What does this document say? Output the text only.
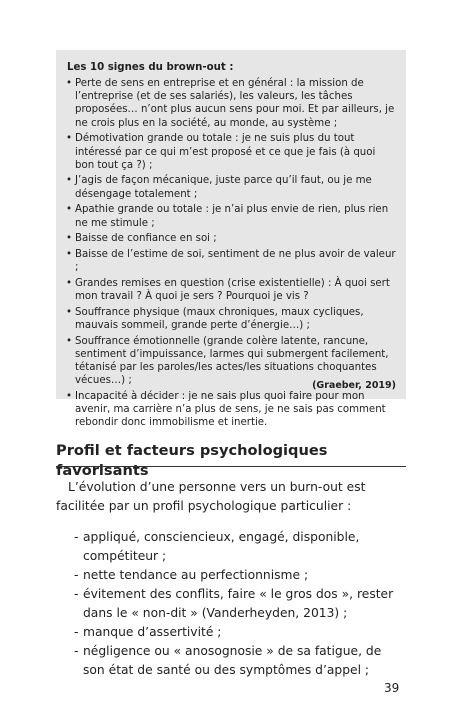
Les 10 signes du brown-out :
• Perte de sens en entreprise et en général : la mission de l’entreprise (et de ses salariés), les valeurs, les tâches proposées… n’ont plus aucun sens pour moi. Et par ailleurs, je ne crois plus en la société, au monde, au système ;
• Démotivation grande ou totale : je ne suis plus du tout intéressé par ce qui m’est proposé et ce que je fais (à quoi bon tout ça ?) ;
• J’agis de façon mécanique, juste parce qu’il faut, ou je me désengage totalement ;
• Apathie grande ou totale : je n’ai plus envie de rien, plus rien ne me stimule ;
• Baisse de confiance en soi ;
• Baisse de l’estime de soi, sentiment de ne plus avoir de valeur ;
• Grandes remises en question (crise existentielle) : À quoi sert mon travail ? À quoi je sers ? Pourquoi je vis ?
• Souffrance physique (maux chroniques, maux cycliques, mauvais sommeil, grande perte d’énergie…) ;
• Souffrance émotionnelle (grande colère latente, rancune, sentiment d’impuissance, larmes qui submergent facilement, tétanisé par les paroles/les actes/les situations choquantes vécues…) ;
• Incapacité à décider : je ne sais plus quoi faire pour mon avenir, ma carrière n’a plus de sens, je ne sais pas comment rebondir donc immobilisme et inertie.
(Graeber, 2019)
Profil et facteurs psychologiques favorisants

L’évolution d’une personne vers un burn-out est facilitée par un profil psychologique particulier :

- appliqué, consciencieux, engagé, disponible, compétiteur ;
- nette tendance au perfectionnisme ;
- évitement des conflits, faire « le gros dos », rester dans le « non-dit » (Vanderheyden, 2013) ;
- manque d’assertivité ;
- négligence ou « anosognosie » de sa fatigue, de son état de santé ou des symptômes d’appel ;
39
